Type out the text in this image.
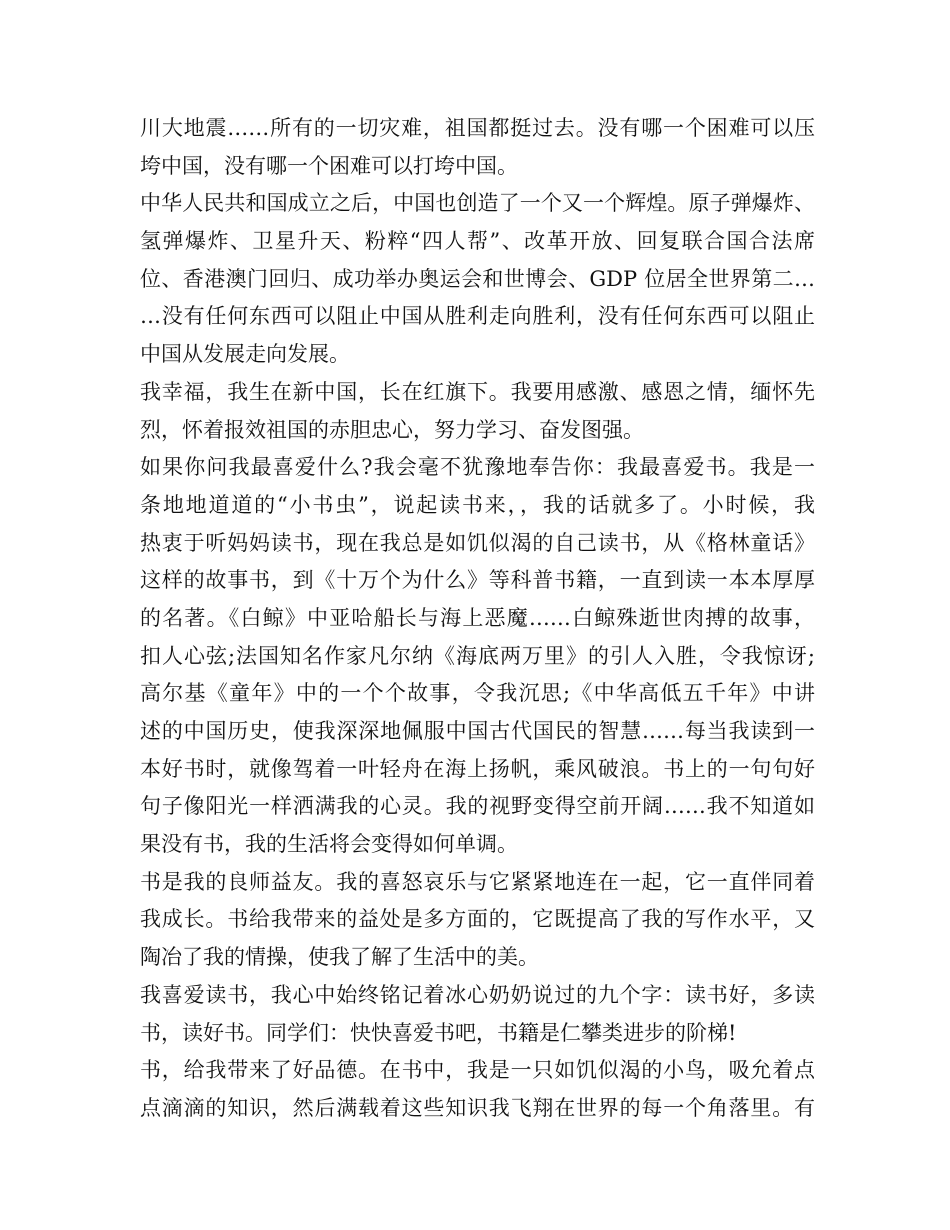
川大地震……所有的一切灾难，祖国都挺过去。没有哪一个困难可以压
垮中国，没有哪一个困难可以打垮中国。
中华人民共和国成立之后，中国也创造了一个又一个辉煌。原子弹爆炸、
氢弹爆炸、卫星升天、粉粹“四人帮”、改革开放、回复联合国合法席
位、香港澳门回归、成功举办奥运会和世博会、GDP 位居全世界第二…
…没有任何东西可以阻止中国从胜利走向胜利，没有任何东西可以阻止
中国从发展走向发展。
我幸福，我生在新中国，长在红旗下。我要用感激、感恩之情，缅怀先
烈，怀着报效祖国的赤胆忠心，努力学习、奋发图强。
如果你问我最喜爱什么?我会毫不犹豫地奉告你：我最喜爱书。我是一
条地地道道的“小书虫”，说起读书来，，我的话就多了。小时候，我
热衷于听妈妈读书，现在我总是如饥似渴的自己读书，从《格林童话》
这样的故事书，到《十万个为什么》等科普书籍，一直到读一本本厚厚
的名著。《白鲸》中亚哈船长与海上恶魔……白鲸殊逝世肉搏的故事，
扣人心弦;法国知名作家凡尔纳《海底两万里》的引人入胜，令我惊讶;
高尔基《童年》中的一个个故事，令我沉思;《中华高低五千年》中讲
述的中国历史，使我深深地佩服中国古代国民的智慧……每当我读到一
本好书时，就像驾着一叶轻舟在海上扬帆，乘风破浪。书上的一句句好
句子像阳光一样洒满我的心灵。我的视野变得空前开阔……我不知道如
果没有书，我的生活将会变得如何单调。
书是我的良师益友。我的喜怒哀乐与它紧紧地连在一起，它一直伴同着
我成长。书给我带来的益处是多方面的，它既提高了我的写作水平，又
陶冶了我的情操，使我了解了生活中的美。
我喜爱读书，我心中始终铭记着冰心奶奶说过的九个字：读书好，多读
书，读好书。同学们：快快喜爱书吧，书籍是仁攀类进步的阶梯!
书，给我带来了好品德。在书中，我是一只如饥似渴的小鸟，吸允着点
点滴滴的知识，然后满载着这些知识我飞翔在世界的每一个角落里。有
